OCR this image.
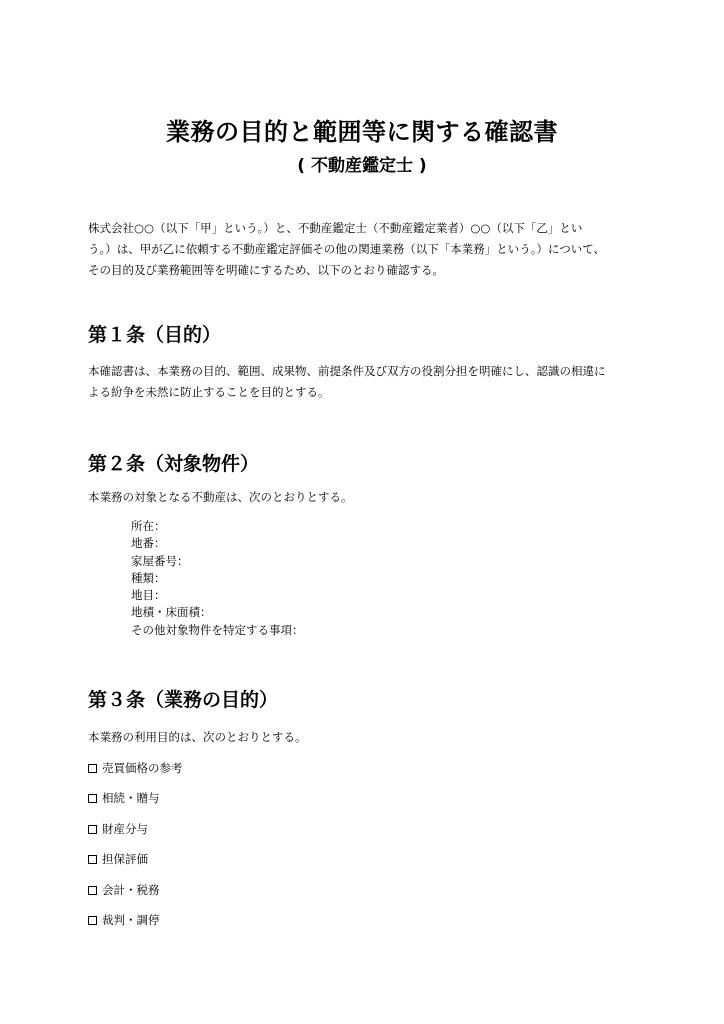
業務の目的と範囲等に関する確認書
( 不動産鑑定士 )
株式会社○○（以下「甲」という。）と、不動産鑑定士（不動産鑑定業者）○○（以下「乙」とい
う。）は、甲が乙に依頼する不動産鑑定評価その他の関連業務（以下「本業務」という。）について、
その目的及び業務範囲等を明確にするため、以下のとおり確認する。
第１条（目的）
本確認書は、本業務の目的、範囲、成果物、前提条件及び双方の役割分担を明確にし、認識の相違に
よる紛争を未然に防止することを目的とする。
第２条（対象物件）
本業務の対象となる不動産は、次のとおりとする。
所在：
地番：
家屋番号：
種類：
地目：
地積・床面積：
その他対象物件を特定する事項：
第３条（業務の目的）
本業務の利用目的は、次のとおりとする。
売買価格の参考
相続・贈与
財産分与
担保評価
会計・税務
裁判・調停
